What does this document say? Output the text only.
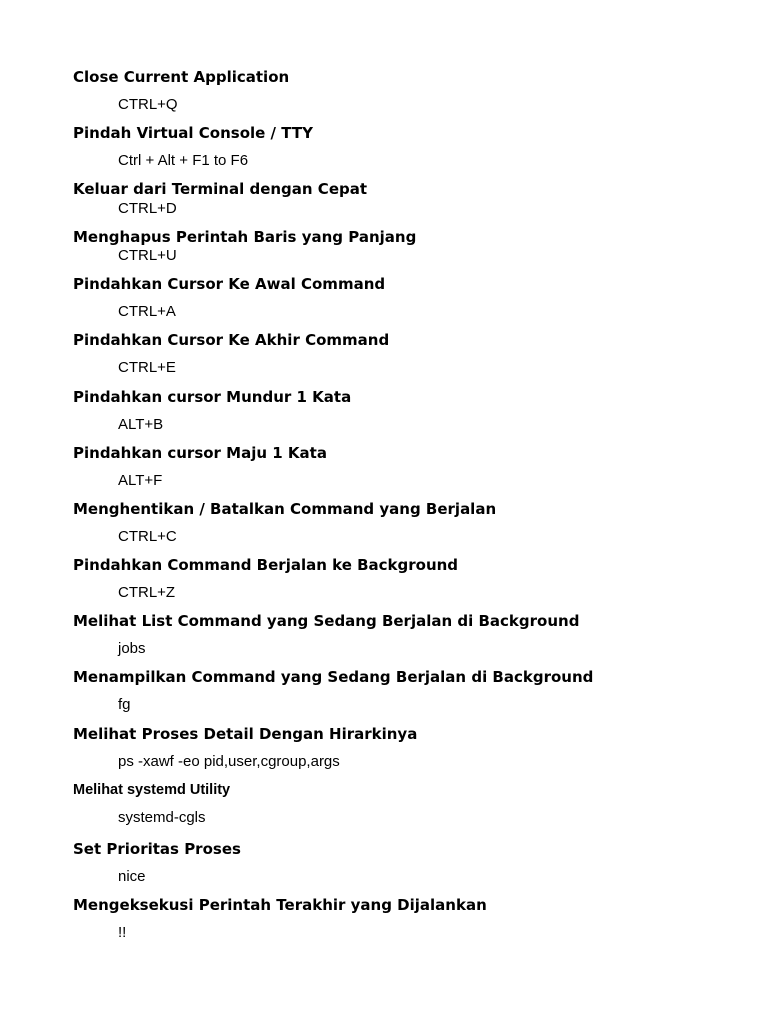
Close Current Application
CTRL+Q
Pindah Virtual Console / TTY
Ctrl + Alt + F1 to F6
Keluar dari Terminal dengan Cepat
CTRL+D
Menghapus Perintah Baris yang Panjang
CTRL+U
Pindahkan Cursor Ke Awal Command
CTRL+A
Pindahkan Cursor Ke Akhir Command
CTRL+E
Pindahkan cursor Mundur 1 Kata
ALT+B
Pindahkan cursor Maju 1 Kata
ALT+F
Menghentikan / Batalkan Command yang Berjalan
CTRL+C
Pindahkan Command Berjalan ke Background
CTRL+Z
Melihat List Command yang Sedang Berjalan di Background
jobs
Menampilkan Command yang Sedang Berjalan di Background
fg
Melihat Proses Detail Dengan Hirarkinya
ps -xawf -eo pid,user,cgroup,args
Melihat systemd Utility
systemd-cgls
Set Prioritas Proses
nice
Mengeksekusi Perintah Terakhir yang Dijalankan
!!
